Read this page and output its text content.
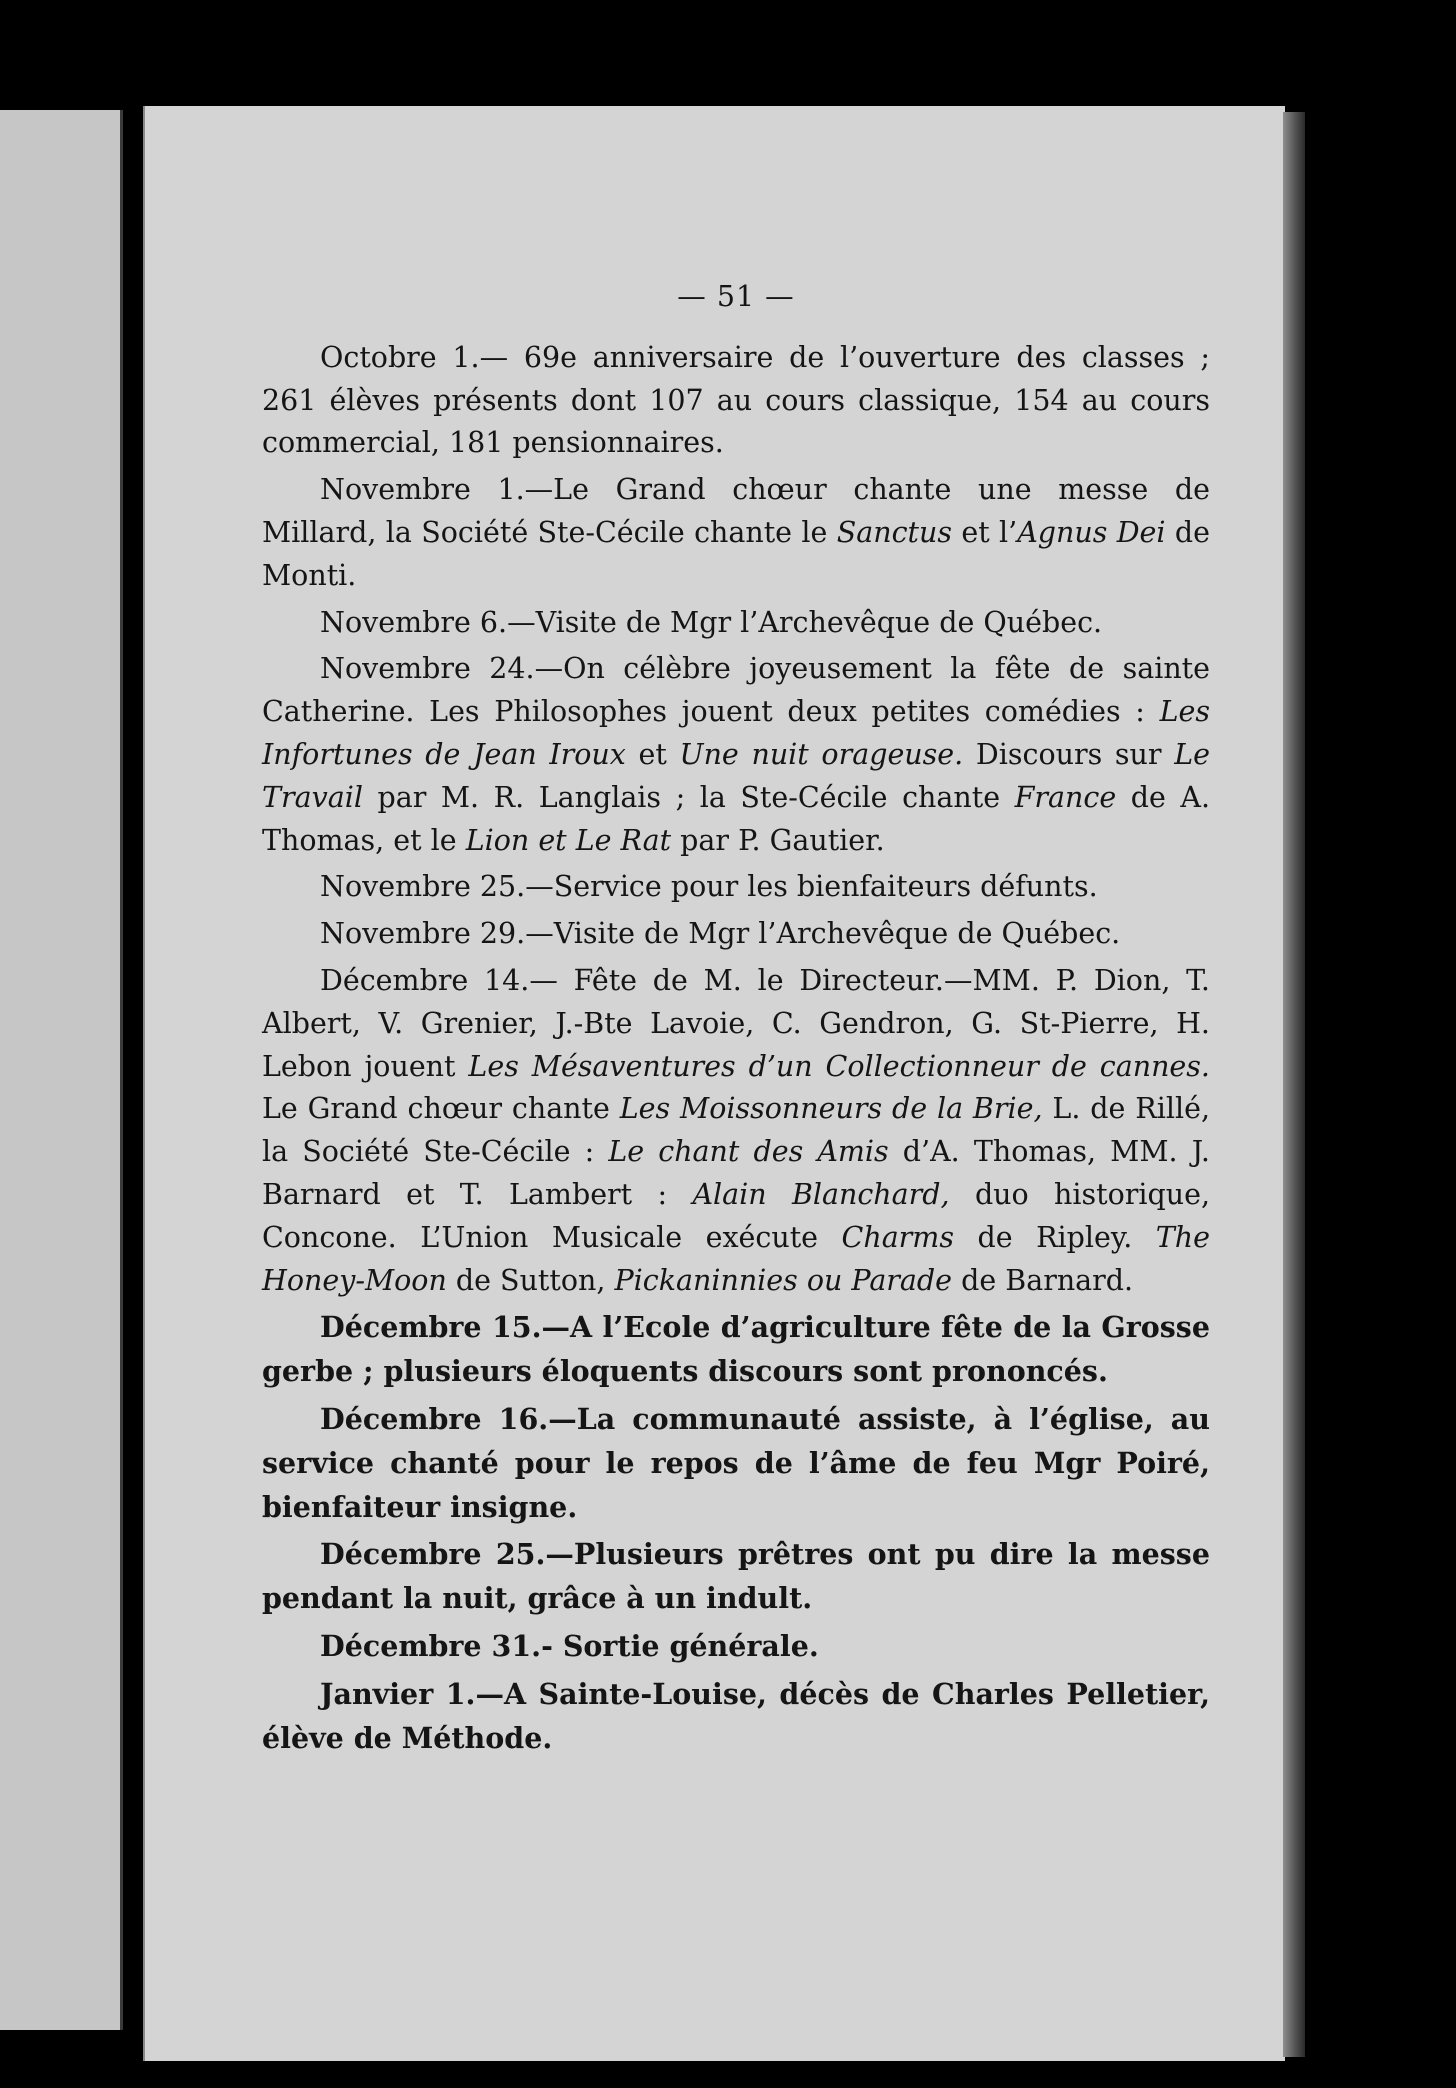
— 51 —

Octobre 1.— 69e anniversaire de l’ouverture des classes ; 261 élèves présents dont 107 au cours classique, 154 au cours commercial, 181 pensionnaires.

Novembre 1.—Le Grand chœur chante une messe de Millard, la Société Ste-Cécile chante le Sanctus et l’Agnus Dei de Monti.

Novembre 6.—Visite de Mgr l’Archevêque de Québec.

Novembre 24.—On célèbre joyeusement la fête de sainte Catherine. Les Philosophes jouent deux petites comédies : Les Infortunes de Jean Iroux et Une nuit orageuse. Discours sur Le Travail par M. R. Langlais ; la Ste-Cécile chante France de A. Thomas, et le Lion et Le Rat par P. Gautier.

Novembre 25.—Service pour les bienfaiteurs défunts.

Novembre 29.—Visite de Mgr l’Archevêque de Québec.

Décembre 14.— Fête de M. le Directeur.—MM. P. Dion, T. Albert, V. Grenier, J.-Bte Lavoie, C. Gendron, G. St-Pierre, H. Lebon jouent Les Mésaventures d’un Collectionneur de cannes. Le Grand chœur chante Les Moissonneurs de la Brie, L. de Rillé, la Société Ste-Cécile : Le chant des Amis d’A. Thomas, MM. J. Barnard et T. Lambert : Alain Blanchard, duo historique, Concone. L’Union Musicale exécute Charms de Ripley. The Honey-Moon de Sutton, Pickaninnies ou Parade de Barnard.

Décembre 15.—A l’Ecole d’agriculture fête de la Grosse gerbe ; plusieurs éloquents discours sont prononcés.

Décembre 16.—La communauté assiste, à l’église, au service chanté pour le repos de l’âme de feu Mgr Poiré, bienfaiteur insigne.

Décembre 25.—Plusieurs prêtres ont pu dire la messe pendant la nuit, grâce à un indult.

Décembre 31.- Sortie générale.

Janvier 1.—A Sainte-Louise, décès de Charles Pelletier, élève de Méthode.
